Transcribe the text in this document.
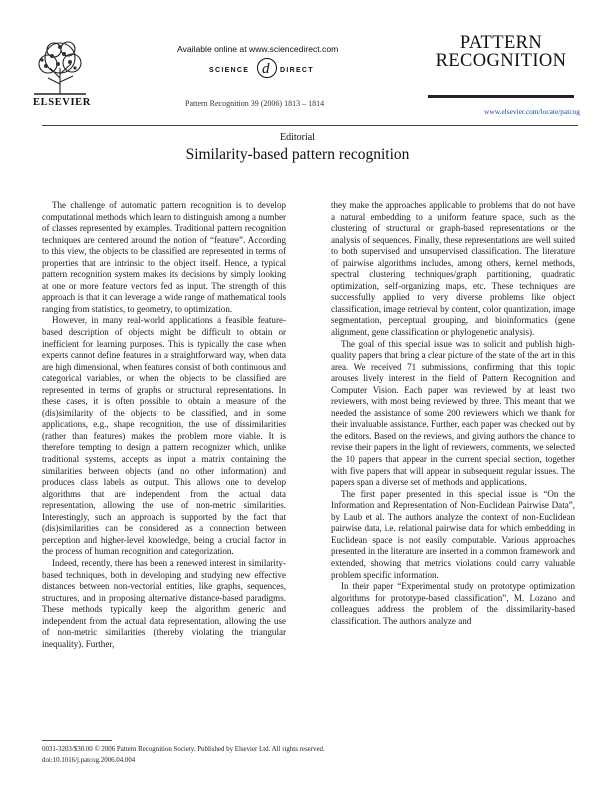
ELSEVIER
Available online at www.sciencedirect.com
SCIENCE d DIRECT
Pattern Recognition 39 (2006) 1813 – 1814
PATTERN
RECOGNITION
www.elsevier.com/locate/patcog
Editorial
Similarity-based pattern recognition

The challenge of automatic pattern recognition is to develop computational methods which learn to distinguish among a number of classes represented by examples. Traditional pattern recognition techniques are centered around the notion of “feature”. According to this view, the objects to be classified are represented in terms of properties that are intrinsic to the object itself. Hence, a typical pattern recognition system makes its decisions by simply looking at one or more feature vectors fed as input. The strength of this approach is that it can leverage a wide range of mathematical tools ranging from statistics, to geometry, to optimization.

However, in many real-world applications a feasible feature-based description of objects might be difficult to obtain or inefficient for learning purposes. This is typically the case when experts cannot define features in a straightforward way, when data are high dimensional, when features consist of both continuous and categorical variables, or when the objects to be classified are represented in terms of graphs or structural representations. In these cases, it is often possible to obtain a measure of the (dis)similarity of the objects to be classified, and in some applications, e.g., shape recognition, the use of dissimilarities (rather than features) makes the problem more viable. It is therefore tempting to design a pattern recognizer which, unlike traditional systems, accepts as input a matrix containing the similarities between objects (and no other information) and produces class labels as output. This allows one to develop algorithms that are independent from the actual data representation, allowing the use of non-metric similarities. Interestingly, such an approach is supported by the fact that (dis)similarities can be considered as a connection between perception and higher-level knowledge, being a crucial factor in the process of human recognition and categorization.

Indeed, recently, there has been a renewed interest in similarity-based techniques, both in developing and studying new effective distances between non-vectorial entities, like graphs, sequences, structures, and in proposing alternative distance-based paradigms. These methods typically keep the algorithm generic and independent from the actual data representation, allowing the use of non-metric similarities (thereby violating the triangular inequality). Further,

they make the approaches applicable to problems that do not have a natural embedding to a uniform feature space, such as the clustering of structural or graph-based representations or the analysis of sequences. Finally, these representations are well suited to both supervised and unsupervised classification. The literature of pairwise algorithms includes, among others, kernel methods, spectral clustering techniques/graph partitioning, quadratic optimization, self-organizing maps, etc. These techniques are successfully applied to very diverse problems like object classification, image retrieval by content, color quantization, image segmentation, perceptual grouping, and bioinformatics (gene alignment, gene classification or phylogenetic analysis).

The goal of this special issue was to solicit and publish high-quality papers that bring a clear picture of the state of the art in this area. We received 71 submissions, confirming that this topic arouses lively interest in the field of Pattern Recognition and Computer Vision. Each paper was reviewed by at least two reviewers, with most being reviewed by three. This meant that we needed the assistance of some 200 reviewers which we thank for their invaluable assistance. Further, each paper was checked out by the editors. Based on the reviews, and giving authors the chance to revise their papers in the light of reviewers, comments, we selected the 10 papers that appear in the current special section, together with five papers that will appear in subsequent regular issues. The papers span a diverse set of methods and applications.

The first paper presented in this special issue is “On the Information and Representation of Non-Euclidean Pairwise Data”, by Laub et al. The authors analyze the context of non-Euclidean pairwise data, i.e. relational pairwise data for which embedding in Euclidean space is not easily computable. Various approaches presented in the literature are inserted in a common framework and extended, showing that metrics violations could carry valuable problem specific information.

In their paper “Experimental study on prototype optimization algorithms for prototype-based classification”, M. Lozano and colleagues address the problem of the dissimilarity-based classification. The authors analyze and

0031-3203/$30.00 © 2006 Pattern Recognition Society. Published by Elsevier Ltd. All rights reserved.
doi:10.1016/j.patcog.2006.04.004
